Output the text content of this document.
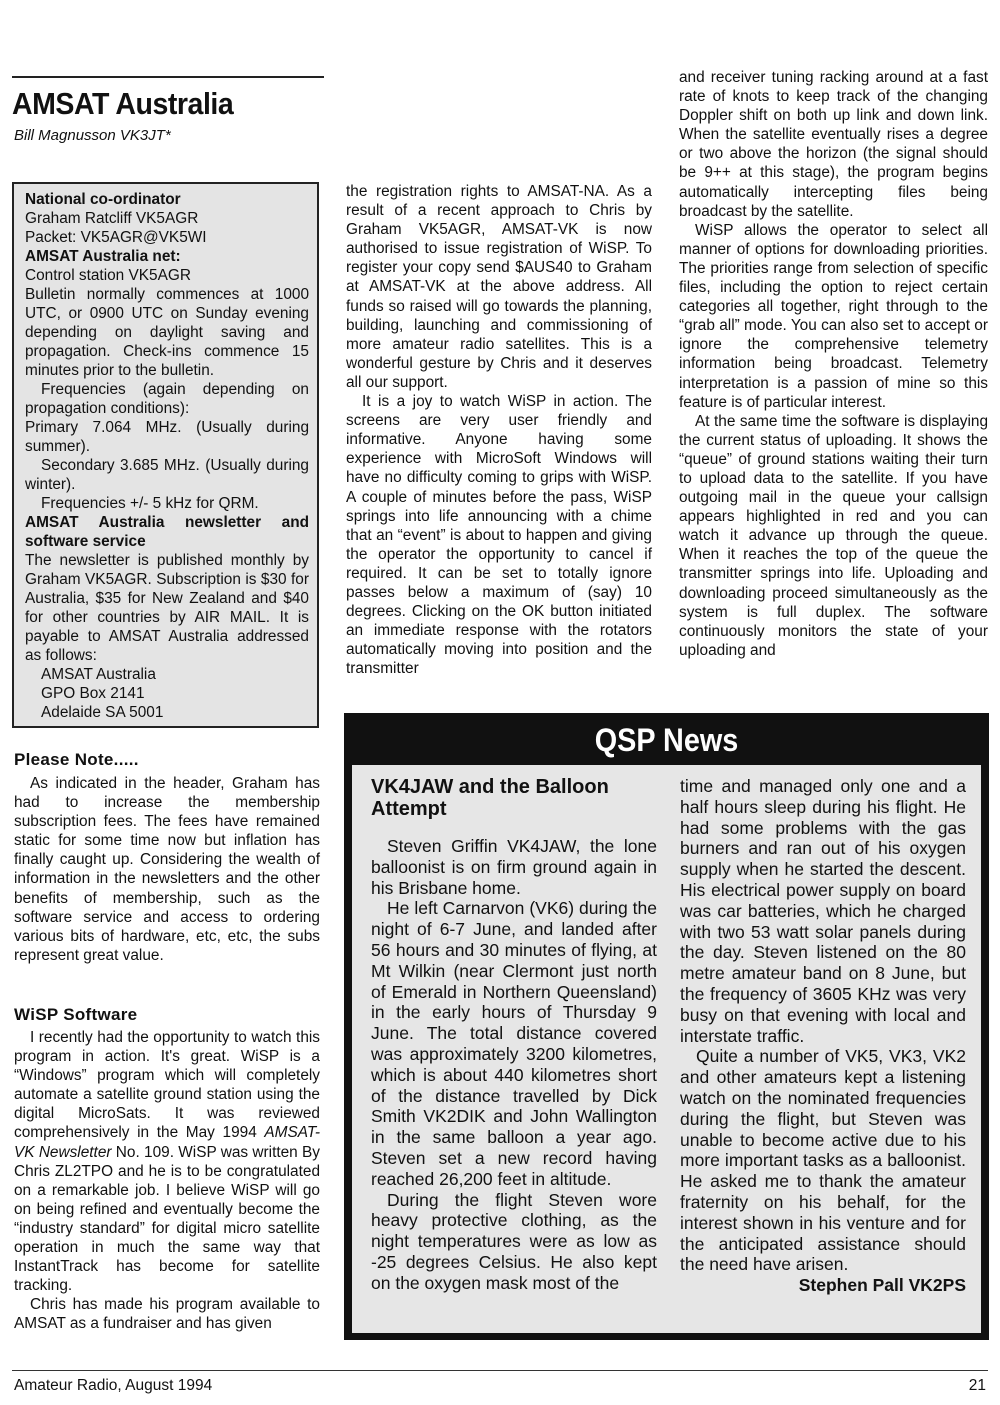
AMSAT Australia
Bill Magnusson VK3JT*

National co-ordinator

Graham Ratcliff VK5AGR

Packet: VK5AGR@VK5WI

AMSAT Australia net:

Control station VK5AGR

Bulletin normally commences at 1000 UTC, or 0900 UTC on Sunday evening depending on daylight saving and propagation. Check-ins commence 15 minutes prior to the bulletin.

Frequencies (again depending on propagation conditions):

Primary 7.064 MHz. (Usually during summer).

Secondary 3.685 MHz. (Usually during winter).

Frequencies +/- 5 kHz for QRM.

AMSAT Australia newsletter and software service

The newsletter is published monthly by Graham VK5AGR. Subscription is $30 for Australia, $35 for New Zealand and $40 for other countries by AIR MAIL. It is payable to AMSAT Australia addressed as follows:

AMSAT Australia

GPO Box 2141

Adelaide SA 5001

Please Note.....

As indicated in the header, Graham has had to increase the membership subscription fees. The fees have remained static for some time now but inflation has finally caught up. Considering the wealth of information in the newsletters and the other benefits of membership, such as the software service and access to ordering various bits of hardware, etc, etc, the subs represent great value.

WiSP Software

I recently had the opportunity to watch this program in action. It's great. WiSP is a “Windows” program which will completely automate a satellite ground station using the digital MicroSats. It was reviewed comprehensively in the May 1994 AMSAT-VK Newsletter No. 109. WiSP was written By Chris ZL2TPO and he is to be congratulated on a remarkable job. I believe WiSP will go on being refined and eventually become the “industry standard” for digital micro satellite operation in much the same way that InstantTrack has become for satellite tracking.

Chris has made his program available to AMSAT as a fundraiser and has given

the registration rights to AMSAT-NA. As a result of a recent approach to Chris by Graham VK5AGR, AMSAT-VK is now authorised to issue registration of WiSP. To register your copy send $AUS40 to Graham at AMSAT-VK at the above address. All funds so raised will go towards the planning, building, launching and commissioning of more amateur radio satellites. This is a wonderful gesture by Chris and it deserves all our support.

It is a joy to watch WiSP in action. The screens are very user friendly and informative. Anyone having some experience with MicroSoft Windows will have no difficulty coming to grips with WiSP. A couple of minutes before the pass, WiSP springs into life announcing with a chime that an “event” is about to happen and giving the operator the opportunity to cancel if required. It can be set to totally ignore passes below a maximum of (say) 10 degrees. Clicking on the OK button initiated an immediate response with the rotators automatically moving into position and the transmitter

and receiver tuning racking around at a fast rate of knots to keep track of the changing Doppler shift on both up link and down link. When the satellite eventually rises a degree or two above the horizon (the signal should be 9++ at this stage), the program begins automatically intercepting files being broadcast by the satellite.

WiSP allows the operator to select all manner of options for downloading priorities. The priorities range from selection of specific files, including the option to reject certain categories all together, right through to the “grab all” mode. You can also set to accept or ignore the comprehensive telemetry information being broadcast. Telemetry interpretation is a passion of mine so this feature is of particular interest.

At the same time the software is displaying the current status of uploading. It shows the “queue” of ground stations waiting their turn to upload data to the satellite. If you have outgoing mail in the queue your callsign appears highlighted in red and you can watch it advance up through the queue. When it reaches the top of the queue the transmitter springs into life. Uploading and downloading proceed simultaneously as the system is full duplex. The software continuously monitors the state of your uploading and

QSP News
VK4JAW and the Balloon Attempt

Steven Griffin VK4JAW, the lone balloonist is on firm ground again in his Brisbane home.

He left Carnarvon (VK6) during the night of 6-7 June, and landed after 56 hours and 30 minutes of flying, at Mt Wilkin (near Clermont just north of Emerald in Northern Queensland) in the early hours of Thursday 9 June. The total distance covered was approximately 3200 kilometres, which is about 440 kilometres short of the distance travelled by Dick Smith VK2DIK and John Wallington in the same balloon a year ago. Steven set a new record having reached 26,200 feet in altitude.

During the flight Steven wore heavy protective clothing, as the night temperatures were as low as -25 degrees Celsius. He also kept on the oxygen mask most of the

time and managed only one and a half hours sleep during his flight. He had some problems with the gas burners and ran out of his oxygen supply when he started the descent. His electrical power supply on board was car batteries, which he charged with two 53 watt solar panels during the day. Steven listened on the 80 metre amateur band on 8 June, but the frequency of 3605 KHz was very busy on that evening with local and interstate traffic.

Quite a number of VK5, VK3, VK2 and other amateurs kept a listening watch on the nominated frequencies during the flight, but Steven was unable to become active due to his more important tasks as a balloonist. He asked me to thank the amateur fraternity on his behalf, for the interest shown in his venture and for the anticipated assistance should the need have arisen.

Stephen Pall VK2PS

Amateur Radio, August 1994	21
